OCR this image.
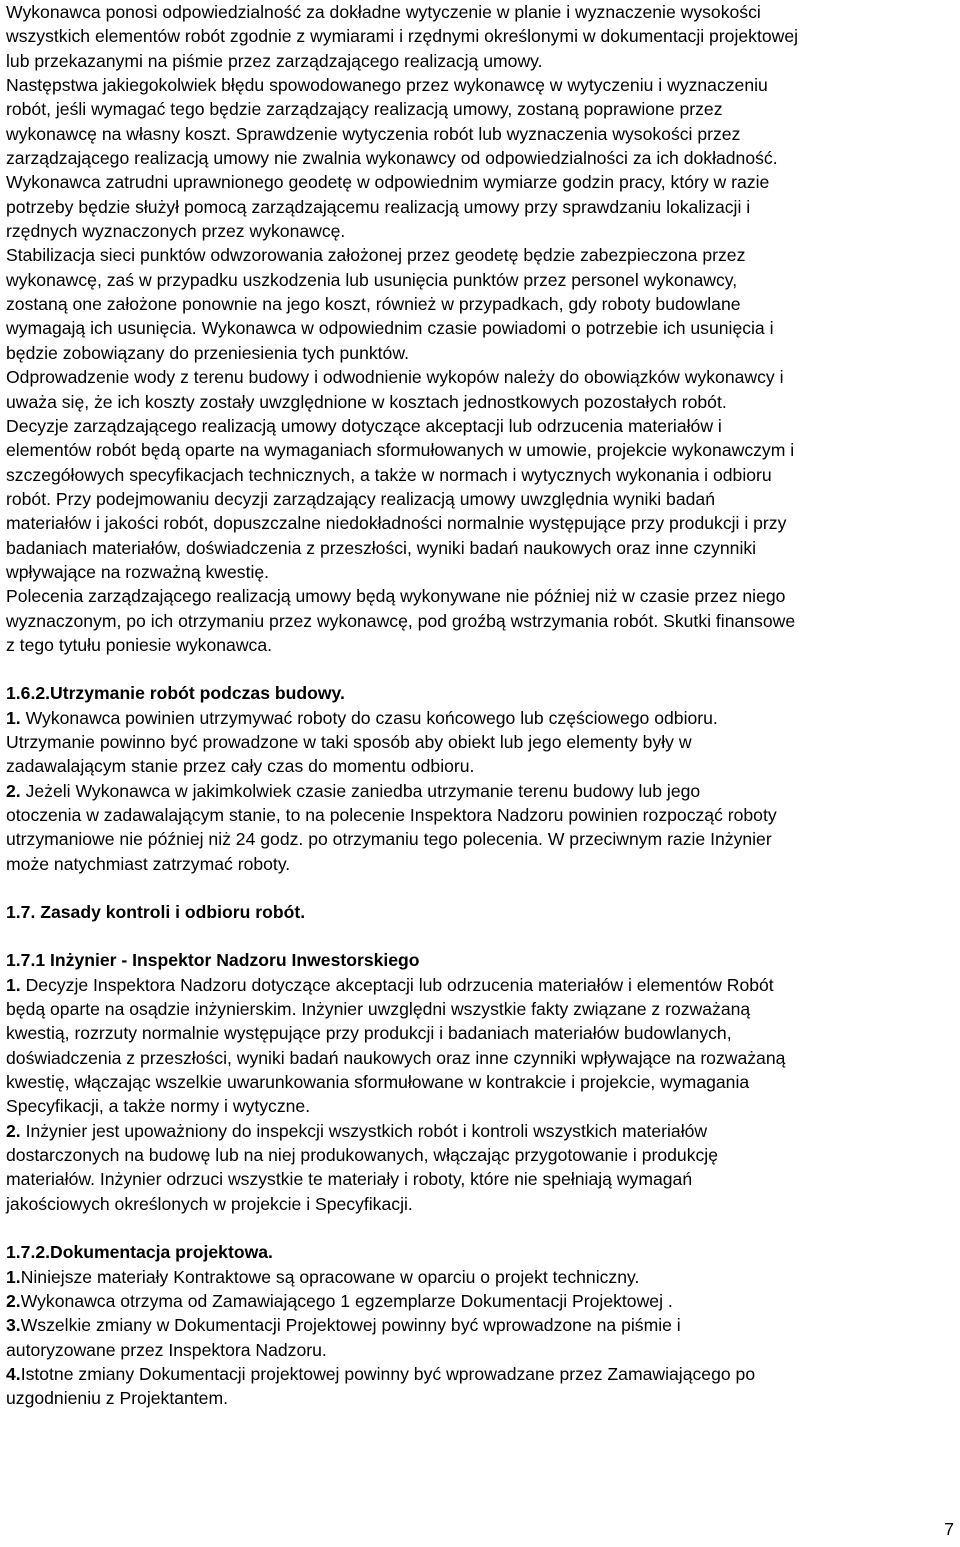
Wykonawca ponosi odpowiedzialność za dokładne wytyczenie w planie i wyznaczenie wysokości
wszystkich elementów robót zgodnie z wymiarami i rzędnymi określonymi w dokumentacji projektowej
lub przekazanymi na piśmie przez zarządzającego realizacją umowy.

Następstwa jakiegokolwiek błędu spowodowanego przez wykonawcę w wytyczeniu i wyznaczeniu
robót, jeśli wymagać tego będzie zarządzający realizacją umowy, zostaną poprawione przez
wykonawcę na własny koszt. Sprawdzenie wytyczenia robót lub wyznaczenia wysokości przez
zarządzającego realizacją umowy nie zwalnia wykonawcy od odpowiedzialności za ich dokładność.

Wykonawca zatrudni uprawnionego geodetę w odpowiednim wymiarze godzin pracy, który w razie
potrzeby będzie służył pomocą zarządzającemu realizacją umowy przy sprawdzaniu lokalizacji i
rzędnych wyznaczonych przez wykonawcę.

Stabilizacja sieci punktów odwzorowania założonej przez geodetę będzie zabezpieczona przez
wykonawcę, zaś w przypadku uszkodzenia lub usunięcia punktów przez personel wykonawcy,
zostaną one założone ponownie na jego koszt, również w przypadkach, gdy roboty budowlane
wymagają ich usunięcia. Wykonawca w odpowiednim czasie powiadomi o potrzebie ich usunięcia i
będzie zobowiązany do przeniesienia tych punktów.

Odprowadzenie wody z terenu budowy i odwodnienie wykopów należy do obowiązków wykonawcy i
uważa się, że ich koszty zostały uwzględnione w kosztach jednostkowych pozostałych robót.

Decyzje zarządzającego realizacją umowy dotyczące akceptacji lub odrzucenia materiałów i
elementów robót będą oparte na wymaganiach sformułowanych w umowie, projekcie wykonawczym i
szczegółowych specyfikacjach technicznych, a także w normach i wytycznych wykonania i odbioru
robót. Przy podejmowaniu decyzji zarządzający realizacją umowy uwzględnia wyniki badań
materiałów i jakości robót, dopuszczalne niedokładności normalnie występujące przy produkcji i przy
badaniach materiałów, doświadczenia z przeszłości, wyniki badań naukowych oraz inne czynniki
wpływające na rozważną kwestię.

Polecenia zarządzającego realizacją umowy będą wykonywane nie później niż w czasie przez niego
wyznaczonym, po ich otrzymaniu przez wykonawcę, pod groźbą wstrzymania robót. Skutki finansowe
z tego tytułu poniesie wykonawca.

1.6.2.Utrzymanie robót podczas budowy.

1. Wykonawca powinien utrzymywać roboty do czasu końcowego lub częściowego odbioru.
Utrzymanie powinno być prowadzone w taki sposób aby obiekt lub jego elementy były w
zadawalającym stanie przez cały czas do momentu odbioru.

2. Jeżeli Wykonawca w jakimkolwiek czasie zaniedba utrzymanie terenu budowy lub jego
otoczenia w zadawalającym stanie, to na polecenie Inspektora Nadzoru powinien rozpocząć roboty
utrzymaniowe nie później niż 24 godz. po otrzymaniu tego polecenia. W przeciwnym razie Inżynier
może natychmiast zatrzymać roboty.

1.7. Zasady kontroli i odbioru robót.

1.7.1 Inżynier - Inspektor Nadzoru Inwestorskiego

1. Decyzje Inspektora Nadzoru dotyczące akceptacji lub odrzucenia materiałów i elementów Robót
będą oparte na osądzie inżynierskim. Inżynier uwzględni wszystkie fakty związane z rozważaną
kwestią, rozrzuty normalnie występujące przy produkcji i badaniach materiałów budowlanych,
doświadczenia z przeszłości, wyniki badań naukowych oraz inne czynniki wpływające na rozważaną
kwestię, włączając wszelkie uwarunkowania sformułowane w kontrakcie i projekcie, wymagania
Specyfikacji, a także normy i wytyczne.

2. Inżynier jest upoważniony do inspekcji wszystkich robót i kontroli wszystkich materiałów
dostarczonych na budowę lub na niej produkowanych, włączając przygotowanie i produkcję
materiałów. Inżynier odrzuci wszystkie te materiały i roboty, które nie spełniają wymagań
jakościowych określonych w projekcie i Specyfikacji.

1.7.2.Dokumentacja projektowa.

1.Niniejsze materiały Kontraktowe są opracowane w oparciu o projekt techniczny.

2.Wykonawca otrzyma od Zamawiającego 1 egzemplarze Dokumentacji Projektowej .

3.Wszelkie zmiany w Dokumentacji Projektowej powinny być wprowadzone na piśmie i
autoryzowane przez Inspektora Nadzoru.

4.Istotne zmiany Dokumentacji projektowej powinny być wprowadzane przez Zamawiającego po
uzgodnieniu z Projektantem.

7
